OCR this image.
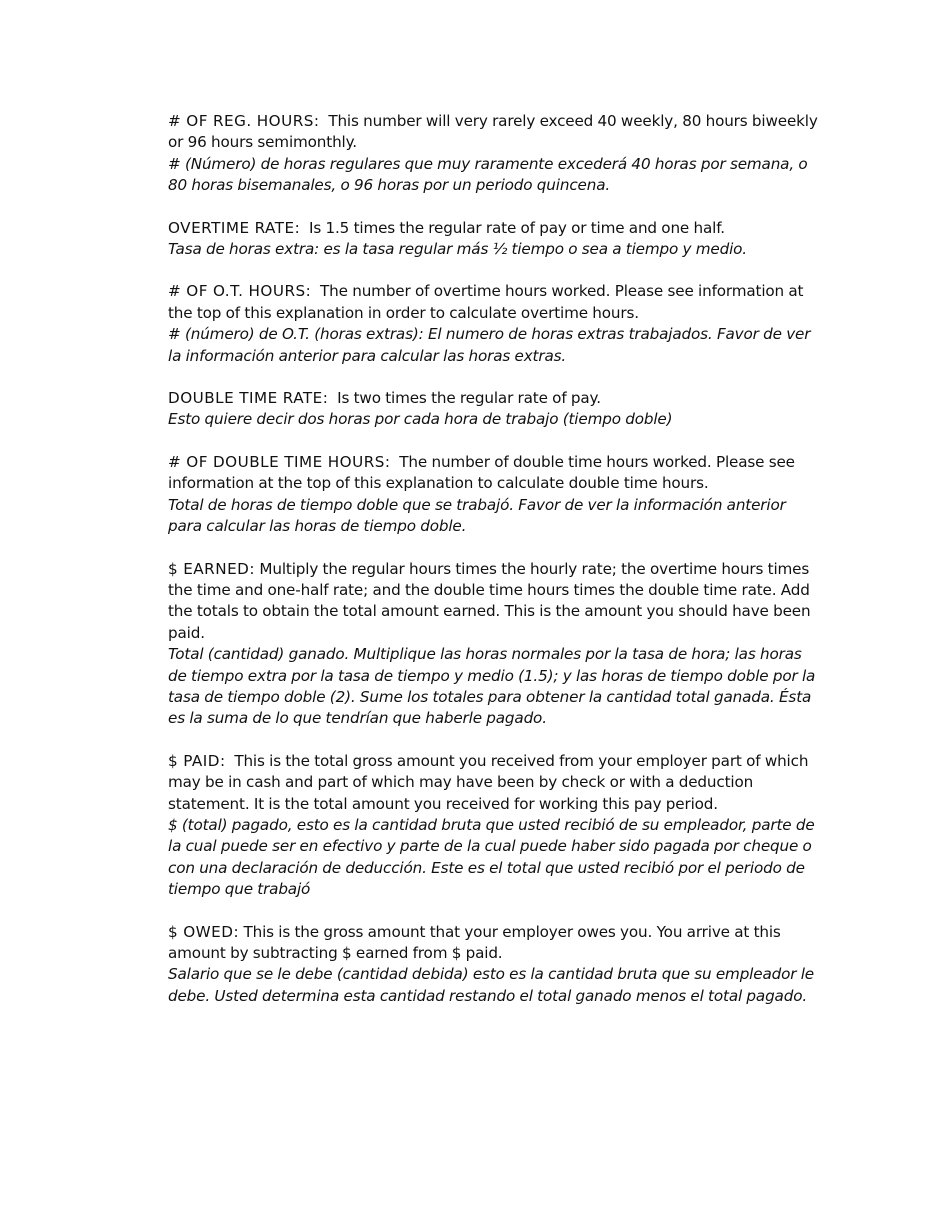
# OF REG. HOURS: This number will very rarely exceed 40 weekly, 80 hours biweekly or 96 hours semimonthly.

# (Número) de horas regulares que muy raramente excederá 40 horas por semana, o 80 horas bisemanales, o 96 horas por un periodo quincena.

OVERTIME RATE: Is 1.5 times the regular rate of pay or time and one half.

Tasa de horas extra: es la tasa regular más ½ tiempo o sea a tiempo y medio.

# OF O.T. HOURS: The number of overtime hours worked. Please see information at the top of this explanation in order to calculate overtime hours.

# (número) de O.T. (horas extras): El numero de horas extras trabajados. Favor de ver la información anterior para calcular las horas extras.

DOUBLE TIME RATE: Is two times the regular rate of pay.

Esto quiere decir dos horas por cada hora de trabajo (tiempo doble)

# OF DOUBLE TIME HOURS: The number of double time hours worked. Please see information at the top of this explanation to calculate double time hours.

Total de horas de tiempo doble que se trabajó. Favor de ver la información anterior para calcular las horas de tiempo doble.

$ EARNED: Multiply the regular hours times the hourly rate; the overtime hours times the time and one-half rate; and the double time hours times the double time rate. Add the totals to obtain the total amount earned. This is the amount you should have been paid.

Total (cantidad) ganado. Multiplique las horas normales por la tasa de hora; las horas de tiempo extra por la tasa de tiempo y medio (1.5); y las horas de tiempo doble por la tasa de tiempo doble (2). Sume los totales para obtener la cantidad total ganada. Ésta es la suma de lo que tendrían que haberle pagado.

$ PAID: This is the total gross amount you received from your employer part of which may be in cash and part of which may have been by check or with a deduction statement. It is the total amount you received for working this pay period.

$ (total) pagado, esto es la cantidad bruta que usted recibió de su empleador, parte de la cual puede ser en efectivo y parte de la cual puede haber sido pagada por cheque o con una declaración de deducción. Este es el total que usted recibió por el periodo de tiempo que trabajó

$ OWED: This is the gross amount that your employer owes you. You arrive at this amount by subtracting $ earned from $ paid.

Salario que se le debe (cantidad debida) esto es la cantidad bruta que su empleador le debe. Usted determina esta cantidad restando el total ganado menos el total pagado.
